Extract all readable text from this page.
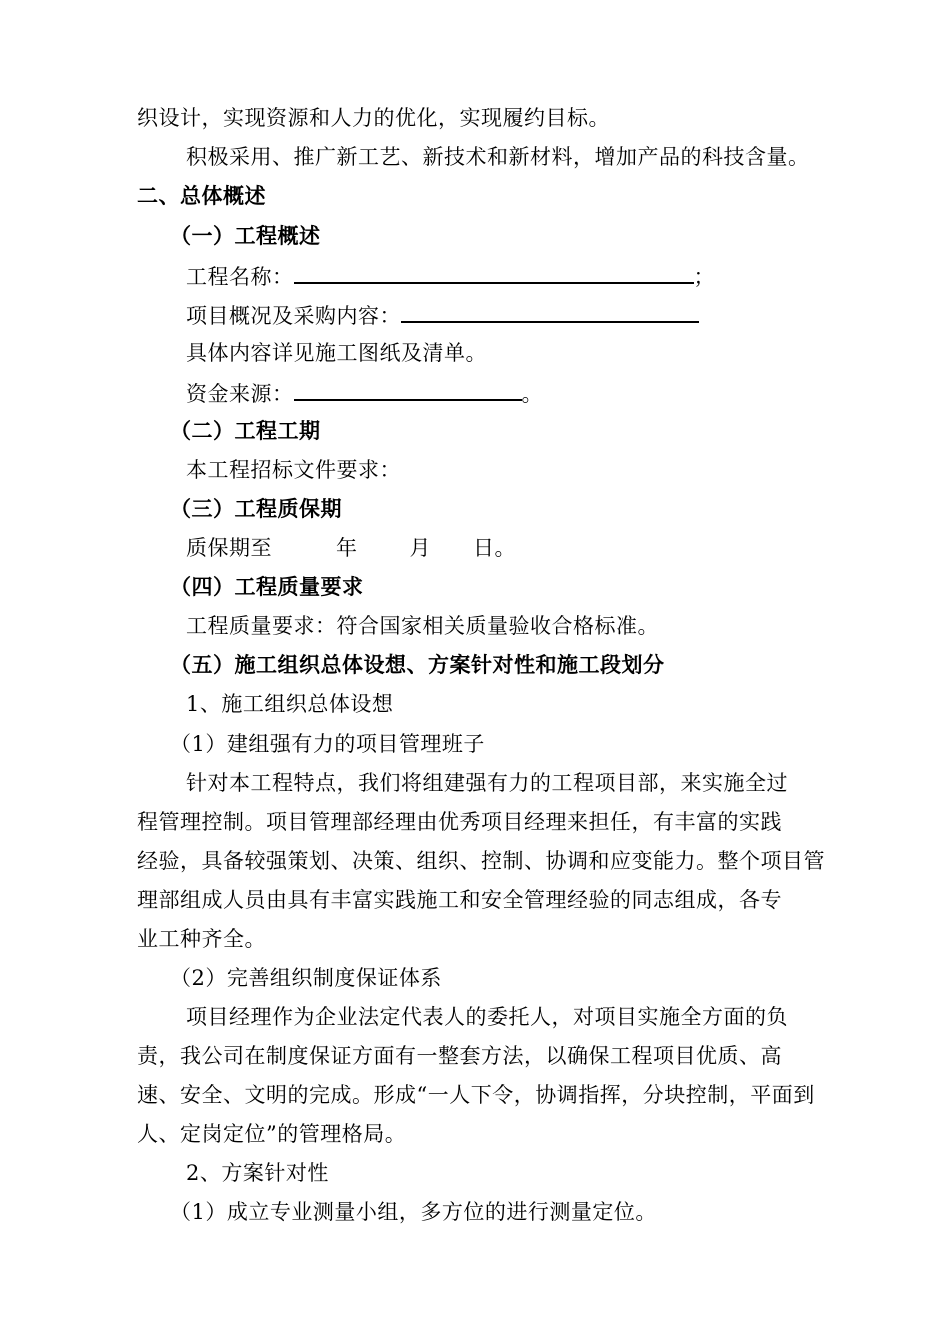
织设计，实现资源和人力的优化，实现履约目标。
积极采用、推广新工艺、新技术和新材料，增加产品的科技含量。
二、总体概述
（一）工程概述
工程名称：	；
项目概况及采购内容：
具体内容详见施工图纸及清单。
资金来源：	。
（二）工程工期
本工程招标文件要求：
（三）工程质保期
质保期至	年 月 日。
（四）工程质量要求
工程质量要求：符合国家相关质量验收合格标准。
（五）施工组织总体设想、方案针对性和施工段划分
1、施工组织总体设想
（1）建组强有力的项目管理班子
针对本工程特点，我们将组建强有力的工程项目部，来实施全过
程管理控制。项目管理部经理由优秀项目经理来担任，有丰富的实践
经验，具备较强策划、决策、组织、控制、协调和应变能力。整个项目管
理部组成人员由具有丰富实践施工和安全管理经验的同志组成，各专
业工种齐全。
（2）完善组织制度保证体系
项目经理作为企业法定代表人的委托人，对项目实施全方面的负
责，我公司在制度保证方面有一整套方法，以确保工程项目优质、高
速、安全、文明的完成。形成“一人下令，协调指挥，分块控制，平面到
人、定岗定位”的管理格局。
2、方案针对性
（1）成立专业测量小组，多方位的进行测量定位。
